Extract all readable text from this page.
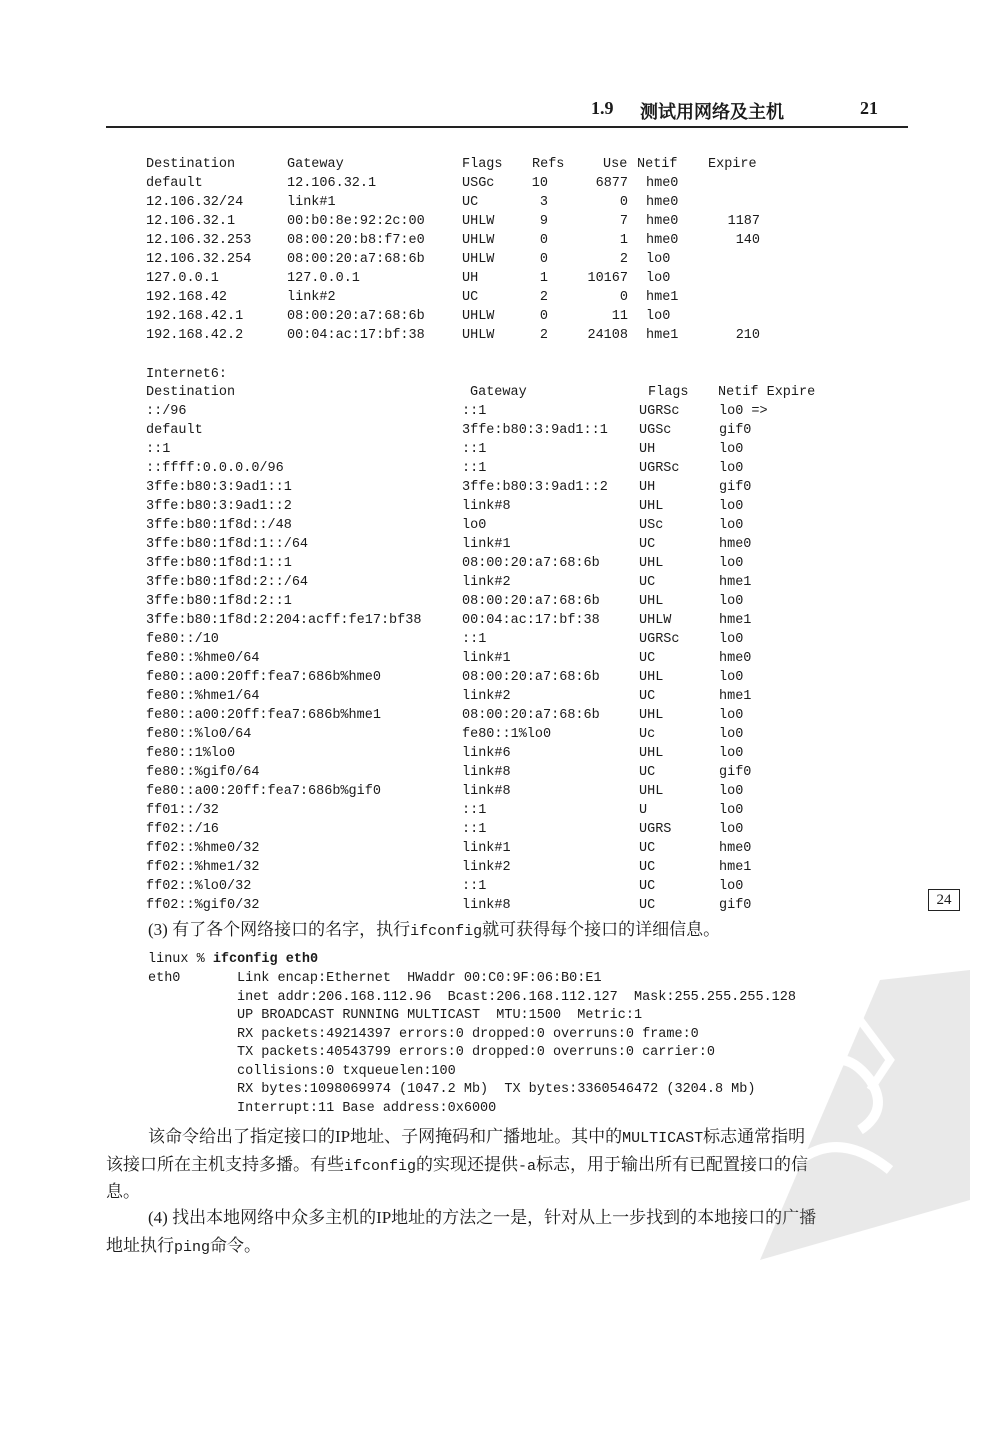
1.9 测试用网络及主机	21
Destination	Gateway	Flags Refs	Use Netif Expire
default	12.106.32.1	USGc	10	6877 hme0
12.106.32/24	link#1	UC	3	0 hme0
12.106.32.1	00:b0:8e:92:2c:00	UHLW	9	7 hme0	1187
12.106.32.253	08:00:20:b8:f7:e0	UHLW	0	1 hme0	140
12.106.32.254	08:00:20:a7:68:6b	UHLW	0	2 lo0
127.0.0.1	127.0.0.1	UH	1	10167 lo0
192.168.42	link#2	UC	2	0 hme1
192.168.42.1	08:00:20:a7:68:6b	UHLW	0	11 lo0
192.168.42.2	00:04:ac:17:bf:38	UHLW	2	24108 hme1	210
Internet6:
Destination	Gateway	Flags Netif Expire
::/96	::1	UGRSc	lo0 =>
default	3ffe:b80:3:9ad1::1 UGSc	gif0
::1	::1	UH	lo0
::ffff:0.0.0.0/96	::1	UGRSc	lo0
3ffe:b80:3:9ad1::1	3ffe:b80:3:9ad1::2 UH	gif0
3ffe:b80:3:9ad1::2	link#8	UHL	lo0
3ffe:b80:1f8d::/48	lo0	USc	lo0
3ffe:b80:1f8d:1::/64	link#1	UC	hme0
3ffe:b80:1f8d:1::1	08:00:20:a7:68:6b	UHL	lo0
3ffe:b80:1f8d:2::/64	link#2	UC	hme1
3ffe:b80:1f8d:2::1	08:00:20:a7:68:6b	UHL	lo0
3ffe:b80:1f8d:2:204:acff:fe17:bf38	00:04:ac:17:bf:38	UHLW	hme1
fe80::/10	::1	UGRSc	lo0
fe80::%hme0/64	link#1	UC	hme0
fe80::a00:20ff:fea7:686b%hme0	08:00:20:a7:68:6b	UHL	lo0
fe80::%hme1/64	link#2	UC	hme1
fe80::a00:20ff:fea7:686b%hme1	08:00:20:a7:68:6b	UHL	lo0
fe80::%lo0/64	fe80::1%lo0	Uc	lo0
fe80::1%lo0	link#6	UHL	lo0
fe80::%gif0/64	link#8	UC	gif0
fe80::a00:20ff:fea7:686b%gif0	link#8	UHL	lo0
ff01::/32	::1	U	lo0
ff02::/16	::1	UGRS	lo0
ff02::%hme0/32	link#1	UC	hme0
ff02::%hme1/32	link#2	UC	hme1
ff02::%lo0/32	::1	UC	lo0
ff02::%gif0/32	link#8	UC	gif0	24
(3) 有了各个网络接口的名字，执行ifconfig就可获得每个接口的详细信息。
linux % ifconfig eth0
eth0	Link encap:Ethernet  HWaddr 00:C0:9F:06:B0:E1
inet addr:206.168.112.96  Bcast:206.168.112.127  Mask:255.255.255.128
UP BROADCAST RUNNING MULTICAST  MTU:1500  Metric:1
RX packets:49214397 errors:0 dropped:0 overruns:0 frame:0
TX packets:40543799 errors:0 dropped:0 overruns:0 carrier:0
collisions:0 txqueuelen:100
RX bytes:1098069974 (1047.2 Mb)  TX bytes:3360546472 (3204.8 Mb)
Interrupt:11 Base address:0x6000
该命令给出了指定接口的IP地址、子网掩码和广播地址。其中的MULTICAST标志通常指明
该接口所在主机支持多播。有些ifconfig的实现还提供-a标志，用于输出所有已配置接口的信
息。
(4) 找出本地网络中众多主机的IP地址的方法之一是，针对从上一步找到的本地接口的广播
地址执行ping命令。
